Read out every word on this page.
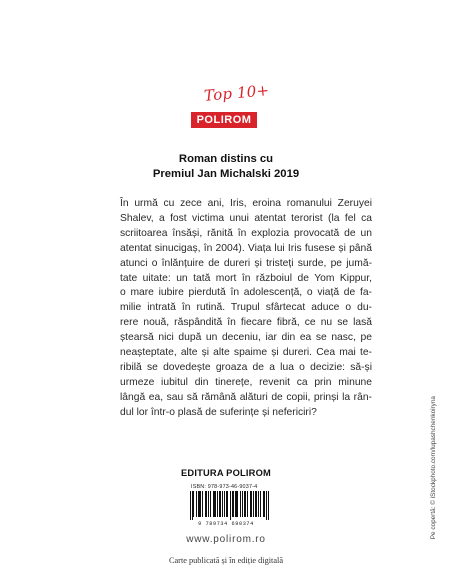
Top 10+
POLIROM
Roman distins cu
Premiul Jan Michalski 2019
În urmă cu zece ani, Iris, eroina romanului Zeruyei
Shalev, a fost victima unui atentat terorist (la fel ca
scriitoarea însăși, rănită în explozia provocată de un
atentat sinucigaș, în 2004). Viața lui Iris fusese și până
atunci o înlănțuire de dureri și tristeți surde, pe jumă-
tate uitate: un tată mort în războiul de Yom Kippur,
o mare iubire pierdută în adolescență, o viață de fa-
milie intrată în rutină. Trupul sfârtecat aduce o du-
rere nouă, răspândită în fiecare fibră, ce nu se lasă
ștearsă nici după un deceniu, iar din ea se nasc, pe
neașteptate, alte și alte spaime și dureri. Cea mai te-
ribilă se dovedește groaza de a lua o decizie: să-și
urmeze iubitul din tinerețe, revenit ca prin minune
lângă ea, sau să rămână alături de copii, prinși la rân-
dul lor într-o plasă de suferințe și nefericiri?	Pe copertă: © iStockphoto.com/lupashchenkoiryna
EDITURA POLIROM
ISBN: 978-973-46-9037-4
9 789734 690374
www.polirom.ro
Carte publicată și în ediție digitală
